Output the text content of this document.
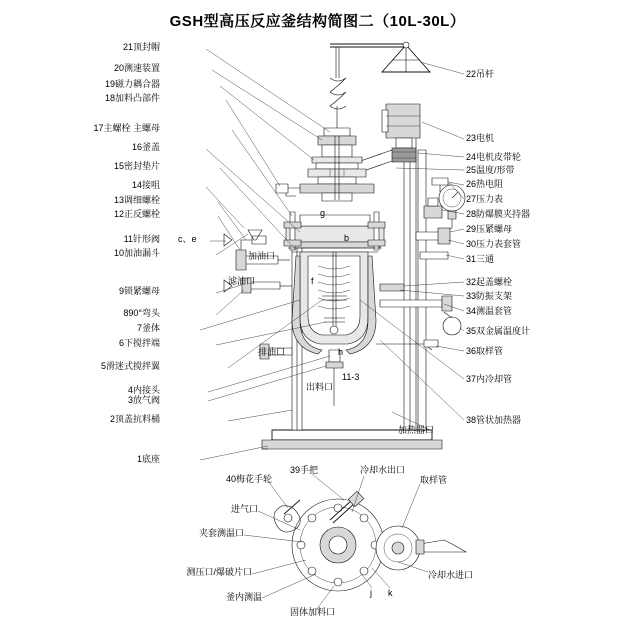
GSH型高压反应釜结构简图二（10L-30L）
21顶封帽
20测速装置
19磁力耦合器
18加料凸部件
17主螺栓 主螺母
16釜盖
15密封垫片
14接咀
13调细螺栓
12正反螺栓
11针形阀
10加油漏斗
9锁紧螺母
890°弯头
7釜体
6下搅拌端
5滑迷式搅拌翼
4内接头
3放气阀
2顶盖抗料桶
1底座
22吊杆
23电机
24电机皮带轮
25温度/形带
26热电阻
27压力表
28防爆膜夹持器
29压紧螺母
30压力表套管
31三通
32起盖螺栓
33防振支架
34测温套管
35双金属温度计
36取样管
37内冷却管
38管状加热器
c、e
加油口
滤油口
g
b
f
排油口	h
出料口
11-3
加热器口
40梅花手轮
39手把	冷却水出口
取样管
进气口
夹套测温口
测压口/爆破片口
釜内测温
固体加料口
冷却水进口
j k
